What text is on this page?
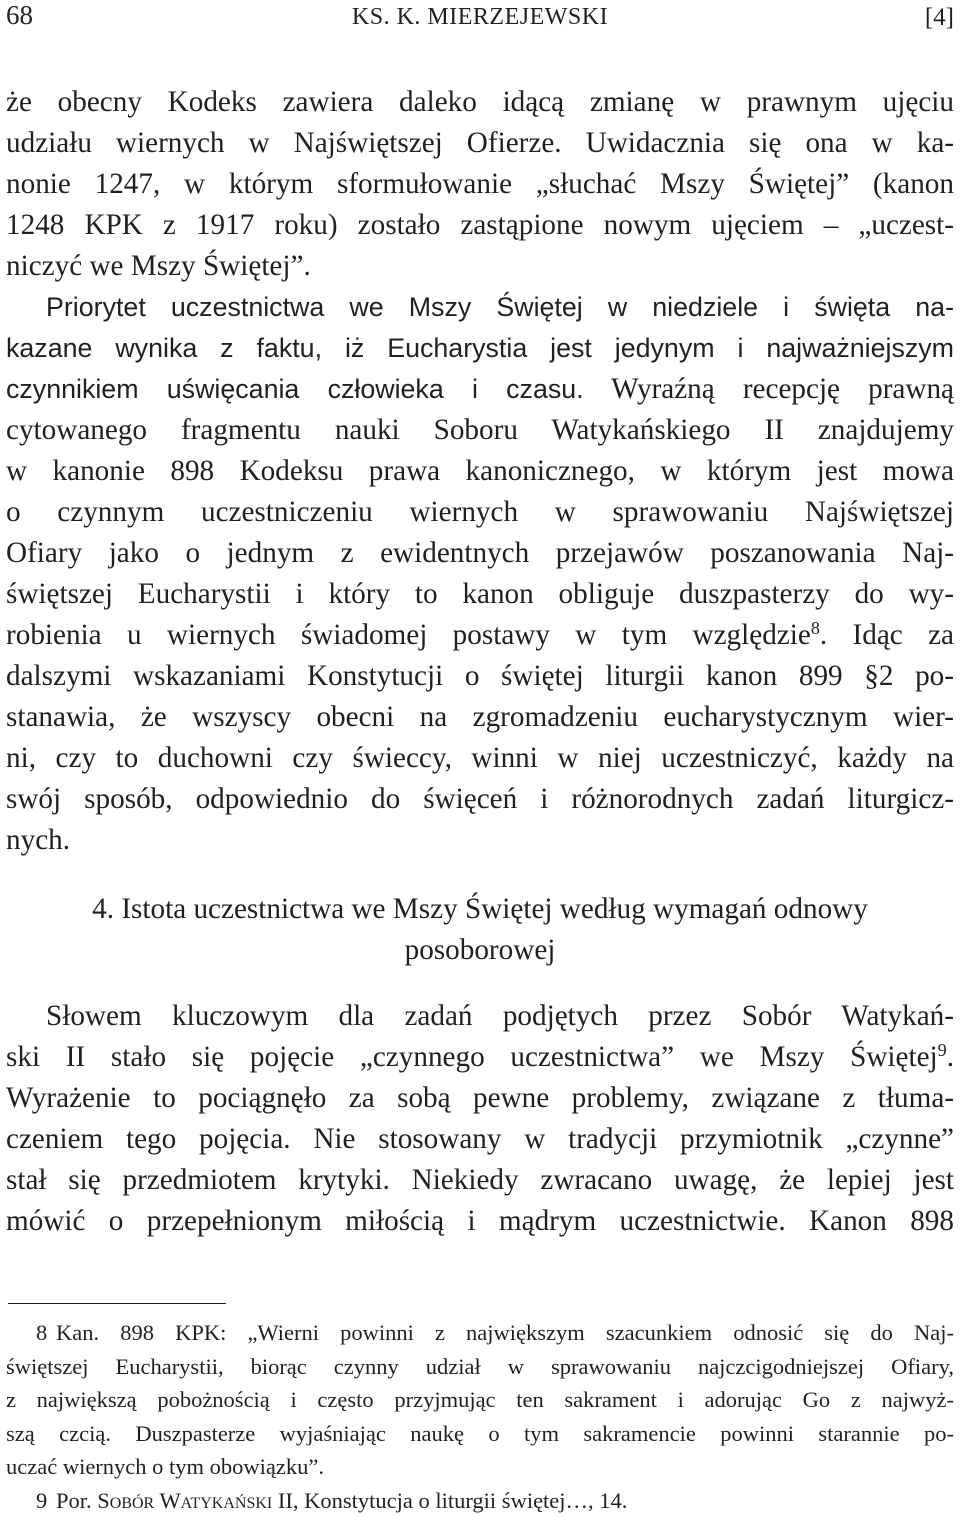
68	KS. K. MIERZEJEWSKI	[4]
że obecny Kodeks zawiera daleko idącą zmianę w prawnym ujęciu
udziału wiernych w Najświętszej Ofierze. Uwidacznia się ona w ka-
nonie 1247, w którym sformułowanie „słuchać Mszy Świętej” (kanon
1248 KPK z 1917 roku) zostało zastąpione nowym ujęciem – „uczest-
niczyć we Mszy Świętej”.
Priorytet uczestnictwa we Mszy Świętej w niedziele i święta na-
kazane wynika z faktu, iż Eucharystia jest jedynym i najważniejszym
czynnikiem uświęcania człowieka i czasu. Wyraźną recepcję prawną
cytowanego fragmentu nauki Soboru Watykańskiego II znajdujemy
w kanonie 898 Kodeksu prawa kanonicznego, w którym jest mowa
o czynnym uczestniczeniu wiernych w sprawowaniu Najświętszej
Ofiary jako o jednym z ewidentnych przejawów poszanowania Naj-
świętszej Eucharystii i który to kanon obliguje duszpasterzy do wy-
robienia u wiernych świadomej postawy w tym względzie$^8$. Idąc za
dalszymi wskazaniami Konstytucji o świętej liturgii kanon 899 §2 po-
stanawia, że wszyscy obecni na zgromadzeniu eucharystycznym wier-
ni, czy to duchowni czy świeccy, winni w niej uczestniczyć, każdy na
swój sposób, odpowiednio do święceń i różnorodnych zadań liturgicz-
nych.
4. Istota uczestnictwa we Mszy Świętej według wymagań odnowy
posoborowej
Słowem kluczowym dla zadań podjętych przez Sobór Watykań-
ski II stało się pojęcie „czynnego uczestnictwa” we Mszy Świętej$^9$.
Wyrażenie to pociągnęło za sobą pewne problemy, związane z tłuma-
czeniem tego pojęcia. Nie stosowany w tradycji przymiotnik „czynne”
stał się przedmiotem krytyki. Niekiedy zwracano uwagę, że lepiej jest
mówić o przepełnionym miłością i mądrym uczestnictwie. Kanon 898
8 Kan. 898 KPK: „Wierni powinni z największym szacunkiem odnosić się do Naj-
świętszej Eucharystii, biorąc czynny udział w sprawowaniu najczcigodniejszej Ofiary,
z największą pobożnością i często przyjmując ten sakrament i adorując Go z najwyż-
szą czcią. Duszpasterze wyjaśniając naukę o tym sakramencie powinni starannie po-
uczać wiernych o tym obowiązku”.
9 Por. Sobór Watykański II, Konstytucja o liturgii świętej…, 14.
